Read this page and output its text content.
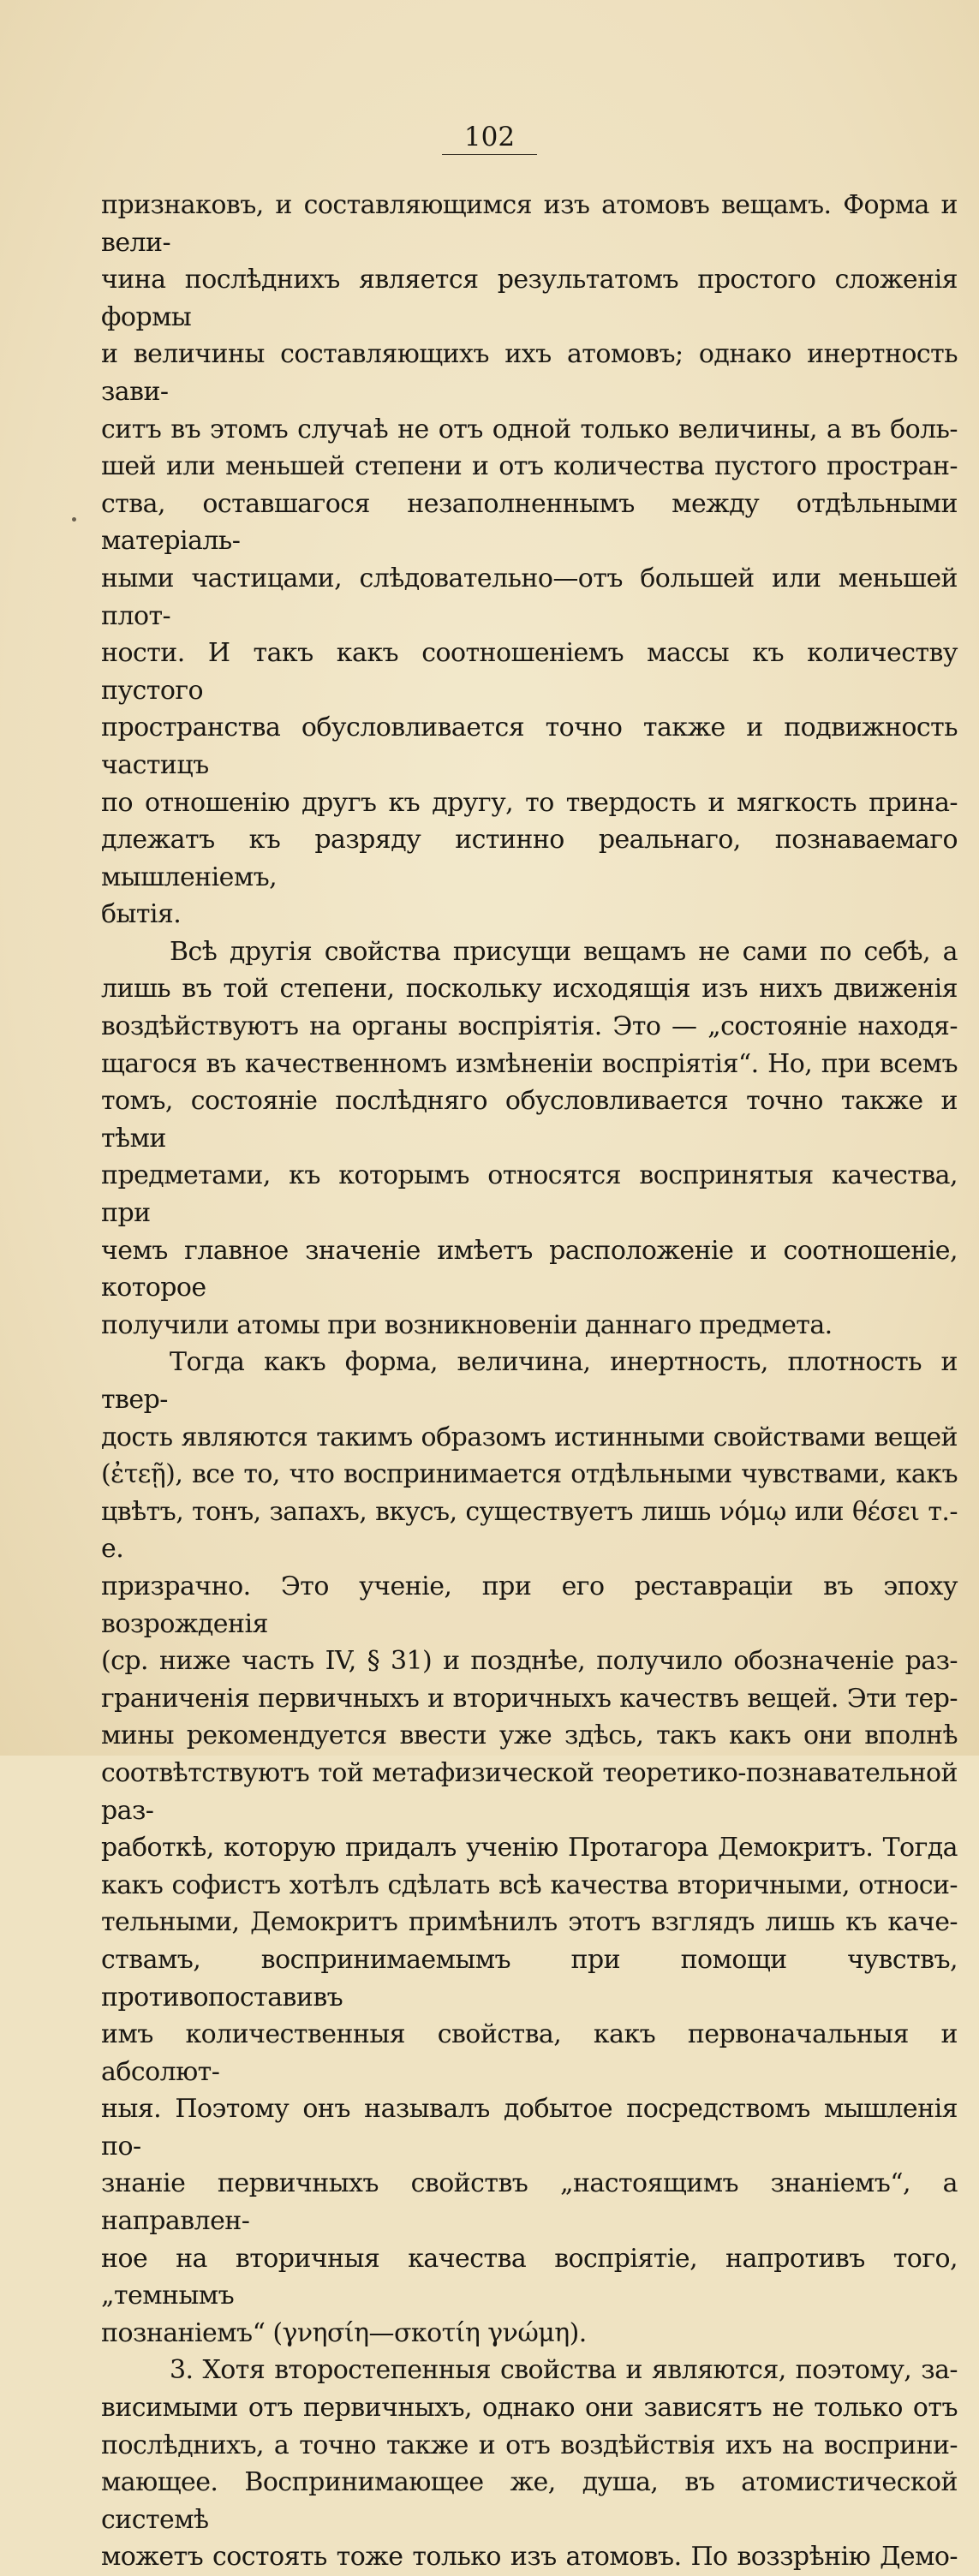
102

признаковъ, и составляющимся изъ атомовъ вещамъ. Форма и вели-

чина послѣднихъ является результатомъ простого сложенія формы

и величины составляющихъ ихъ атомовъ; однако инертность зави-

ситъ въ этомъ случаѣ не отъ одной только величины, а въ боль-

шей или меньшей степени и отъ количества пустого простран-

ства, оставшагося незаполненнымъ между отдѣльными матеріаль-

ными частицами, слѣдовательно—отъ большей или меньшей плот-

ности. И такъ какъ соотношеніемъ массы къ количеству пустого

пространства обусловливается точно также и подвижность частицъ

по отношенію другъ къ другу, то твердость и мягкость прина-

длежатъ къ разряду истинно реальнаго, познаваемаго мышленіемъ,

бытія.

Всѣ другія свойства присущи вещамъ не сами по себѣ, а

лишь въ той степени, поскольку исходящія изъ нихъ движенія

воздѣйствуютъ на органы воспріятія. Это — „состояніе находя-

щагося въ качественномъ измѣненіи воспріятія“. Но, при всемъ

томъ, состояніе послѣдняго обусловливается точно также и тѣми

предметами, къ которымъ относятся воспринятыя качества, при

чемъ главное значеніе имѣетъ расположеніе и соотношеніе, которое

получили атомы при возникновеніи даннаго предмета.

Тогда какъ форма, величина, инертность, плотность и твер-

дость являются такимъ образомъ истинными свойствами вещей

(ἐτεῇ), все то, что воспринимается отдѣльными чувствами, какъ

цвѣтъ, тонъ, запахъ, вкусъ, существуетъ лишь νόμῳ или θέσει т.-е.

призрачно. Это ученіе, при его реставраціи въ эпоху возрожденія

(ср. ниже часть IV, § 31) и позднѣе, получило обозначеніе раз-

граниченія первичныхъ и вторичныхъ качествъ вещей. Эти тер-

мины рекомендуется ввести уже здѣсь, такъ какъ они вполнѣ

соотвѣтствуютъ той метафизической теоретико-познавательной раз-

работкѣ, которую придалъ ученію Протагора Демокритъ. Тогда

какъ софистъ хотѣлъ сдѣлать всѣ качества вторичными, относи-

тельными, Демокритъ примѣнилъ этотъ взглядъ лишь къ каче-

ствамъ, воспринимаемымъ при помощи чувствъ, противопоставивъ

имъ количественныя свойства, какъ первоначальныя и абсолют-

ныя. Поэтому онъ называлъ добытое посредствомъ мышленія по-

знаніе первичныхъ свойствъ „настоящимъ знаніемъ“, а направлен-

ное на вторичныя качества воспріятіе, напротивъ того, „темнымъ

познаніемъ“ (γνησίη—σκοτίη γνώμη).

3. Хотя второстепенныя свойства и являются, поэтому, за-

висимыми отъ первичныхъ, однако они зависятъ не только отъ

послѣднихъ, а точно также и отъ воздѣйствія ихъ на восприни-

мающее. Воспринимающее же, душа, въ атомистической системѣ

можетъ состоять тоже только изъ атомовъ. По воззрѣнію Демо-
